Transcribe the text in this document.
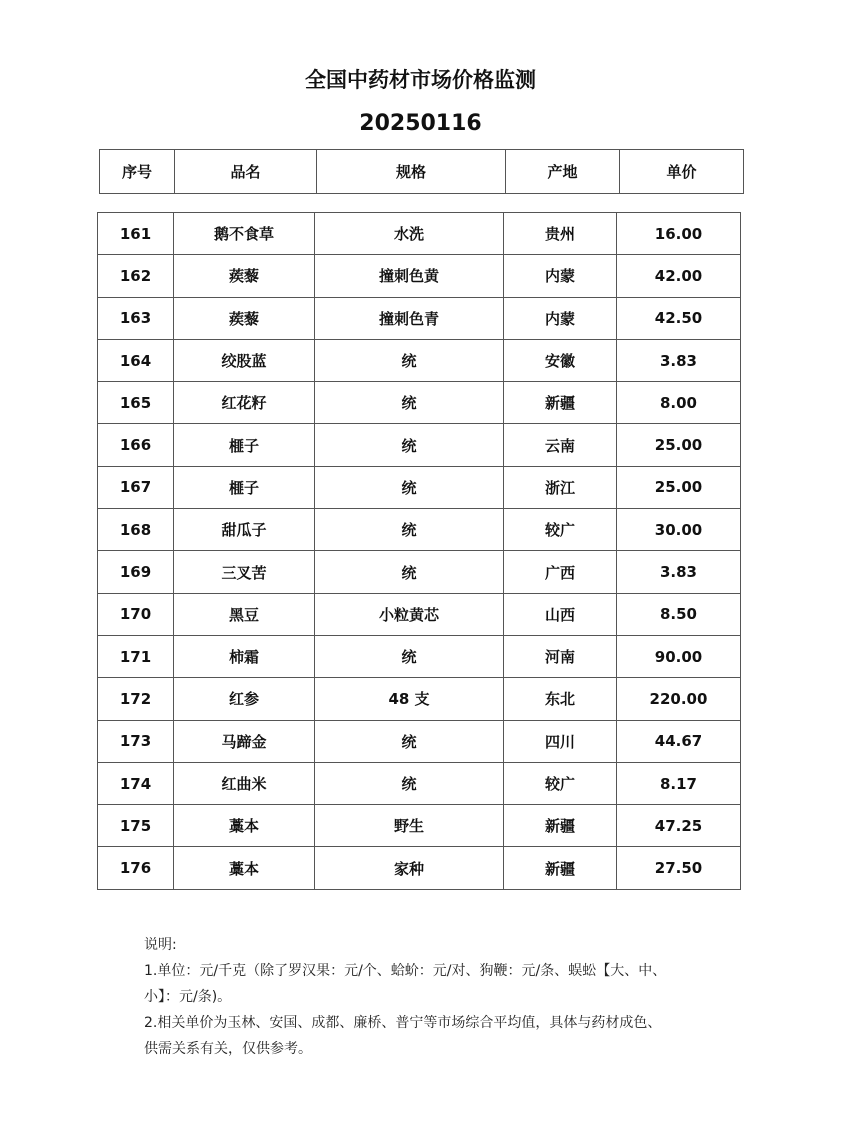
全国中药材市场价格监测
20250116
序号	品名	规格	产地	单价
161	鹅不食草	水洗	贵州	16.00
162	蒺藜	撞刺色黄	内蒙	42.00
163	蒺藜	撞刺色青	内蒙	42.50
164	绞股蓝	统	安徽	3.83
165	红花籽	统	新疆	8.00
166	榧子	统	云南	25.00
167	榧子	统	浙江	25.00
168	甜瓜子	统	较广	30.00
169	三叉苦	统	广西	3.83
170	黑豆	小粒黄芯	山西	8.50
171	柿霜	统	河南	90.00
172	红参	48 支	东北	220.00
173	马蹄金	统	四川	44.67
174	红曲米	统	较广	8.17
175	藁本	野生	新疆	47.25
176	藁本	家种	新疆	27.50

说明:

1.单位：元/千克（除了罗汉果：元/个、蛤蚧：元/对、狗鞭：元/条、蜈蚣【大、中、

小】：元/条)。

2.相关单价为玉林、安国、成都、廉桥、普宁等市场综合平均值，具体与药材成色、

供需关系有关，仅供参考。
